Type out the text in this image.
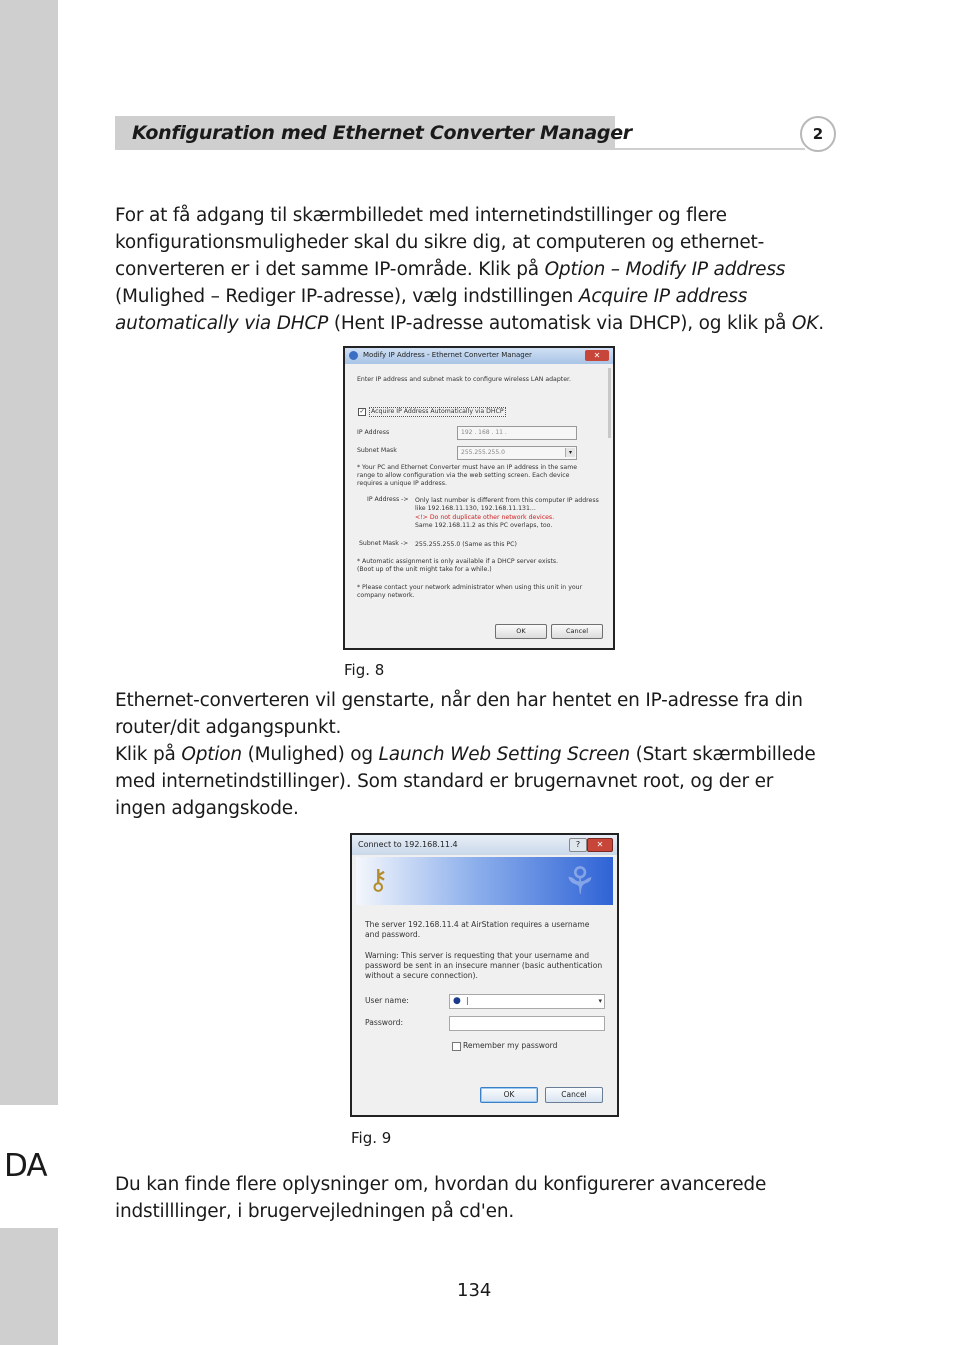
DA
Konfiguration med Ethernet Converter Manager	2
For at få adgang til skærmbilledet med internetindstillinger og flere
konfigurationsmuligheder skal du sikre dig, at computeren og ethernet-
converteren er i det samme IP-område. Klik på Option – Modify IP address
(Mulighed – Rediger IP-adresse), vælg indstillingen Acquire IP address
automatically via DHCP (Hent IP-adresse automatisk via DHCP), og klik på OK.
Modify IP Address - Ethernet Converter Manager	✕
Enter IP address and subnet mask to configure wireless LAN adapter.
✓	Acquire IP Address Automatically via DHCP
IP Address	192 . 168 . 11 .
Subnet Mask	255.255.255.0	▾
* Your PC and Ethernet Converter must have an IP address in the same
range to allow configuration via the web setting screen. Each device
requires a unique IP address.
IP Address -> Only last number is different from this computer IP address
like 192.168.11.130, 192.168.11.131...
<!> Do not duplicate other network devices.
Same 192.168.11.2 as this PC overlaps, too.
Subnet Mask -> 255.255.255.0 (Same as this PC)
* Automatic assignment is only available if a DHCP server exists.
(Boot up of the unit might take for a while.)
* Please contact your network administrator when using this unit in your
company network.
OK	Cancel
Fig. 8
Ethernet-converteren vil genstarte, når den har hentet en IP-adresse fra din
router/dit adgangspunkt.
Klik på Option (Mulighed) og Launch Web Setting Screen (Start skærmbillede
med internetindstillinger). Som standard er brugernavnet root, og der er
ingen adgangskode.
Connect to 192.168.11.4	?	✕
⚷	⚘
The server 192.168.11.4 at AirStation requires a username
and password.
Warning: This server is requesting that your username and
password be sent in an insecure manner (basic authentication
without a secure connection).
User name:	● |	▾
Password:
Remember my password
OK	Cancel
Fig. 9
Du kan finde flere oplysninger om, hvordan du konfigurerer avancerede
indstilllinger, i brugervejledningen på cd'en.
134
